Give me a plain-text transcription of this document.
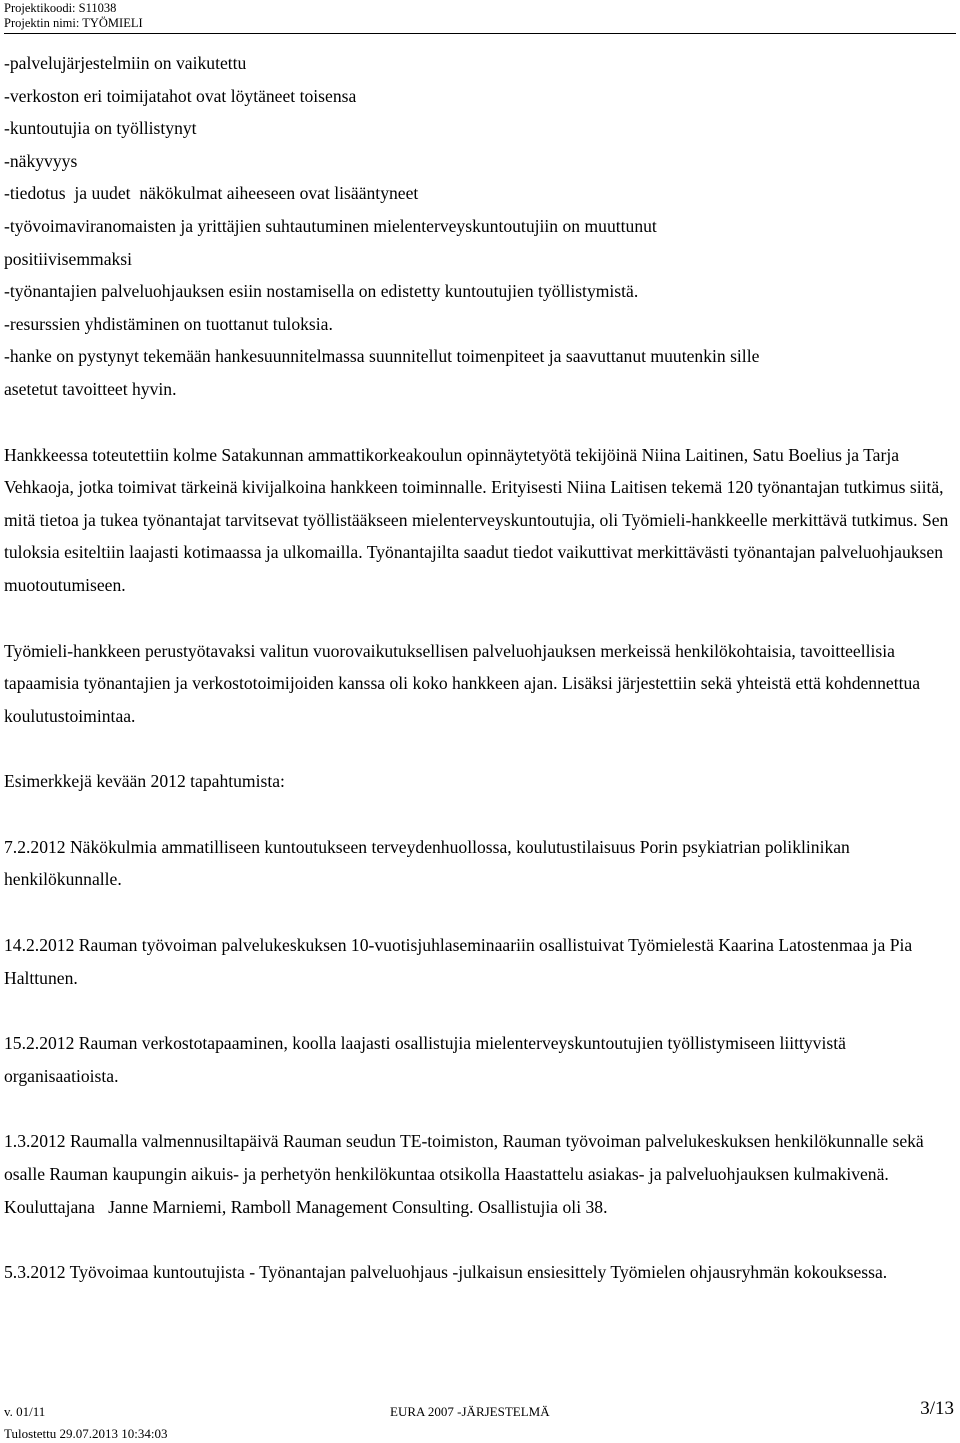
Projektikoodi: S11038
Projektin nimi: TYÖMIELI
-palvelujärjestelmiin on vaikutettu
-verkoston eri toimijatahot ovat löytäneet toisensa
-kuntoutujia on työllistynyt
-näkyvyys
-tiedotus  ja uudet  näkökulmat aiheeseen ovat lisääntyneet
-työvoimaviranomaisten ja yrittäjien suhtautuminen mielenterveyskuntoutujiin on muuttunut
positiivisemmaksi
-työnantajien palveluohjauksen esiin nostamisella on edistetty kuntoutujien työllistymistä.
-resurssien yhdistäminen on tuottanut tuloksia.
-hanke on pystynyt tekemään hankesuunnitelmassa suunnitellut toimenpiteet ja saavuttanut muutenkin sille
asetetut tavoitteet hyvin.

Hankkeessa toteutettiin kolme Satakunnan ammattikorkeakoulun opinnäytetyötä tekijöinä Niina Laitinen, Satu Boelius ja Tarja Vehkaoja, jotka toimivat tärkeinä kivijalkoina hankkeen toiminnalle. Erityisesti Niina Laitisen tekemä 120 työnantajan tutkimus siitä, mitä tietoa ja tukea työnantajat tarvitsevat työllistääkseen mielenterveyskuntoutujia, oli Työmieli-hankkeelle merkittävä tutkimus. Sen tuloksia esiteltiin laajasti kotimaassa ja ulkomailla. Työnantajilta saadut tiedot vaikuttivat merkittävästi työnantajan palveluohjauksen muotoutumiseen.

Työmieli-hankkeen perustyötavaksi valitun vuorovaikutuksellisen palveluohjauksen merkeissä henkilökohtaisia, tavoitteellisia tapaamisia työnantajien ja verkostotoimijoiden kanssa oli koko hankkeen ajan. Lisäksi järjestettiin sekä yhteistä että kohdennettua koulutustoimintaa.

Esimerkkejä kevään 2012 tapahtumista:

7.2.2012 Näkökulmia ammatilliseen kuntoutukseen terveydenhuollossa, koulutustilaisuus Porin psykiatrian poliklinikan henkilökunnalle.

14.2.2012 Rauman työvoiman palvelukeskuksen 10-vuotisjuhlaseminaariin osallistuivat Työmielestä Kaarina Latostenmaa ja Pia Halttunen.

15.2.2012 Rauman verkostotapaaminen, koolla laajasti osallistujia mielenterveyskuntoutujien työllistymiseen liittyvistä organisaatioista.

1.3.2012 Raumalla valmennusiltapäivä Rauman seudun TE-toimiston, Rauman työvoiman palvelukeskuksen henkilökunnalle sekä osalle Rauman kaupungin aikuis- ja perhetyön henkilökuntaa otsikolla Haastattelu asiakas- ja palveluohjauksen kulmakivenä. Kouluttajana   Janne Marniemi, Ramboll Management Consulting. Osallistujia oli 38.

5.3.2012 Työvoimaa kuntoutujista - Työnantajan palveluohjaus -julkaisun ensiesittely Työmielen ohjausryhmän kokouksessa.

v. 01/11	EURA 2007 -JÄRJESTELMÄ	3/13
Tulostettu 29.07.2013 10:34:03
